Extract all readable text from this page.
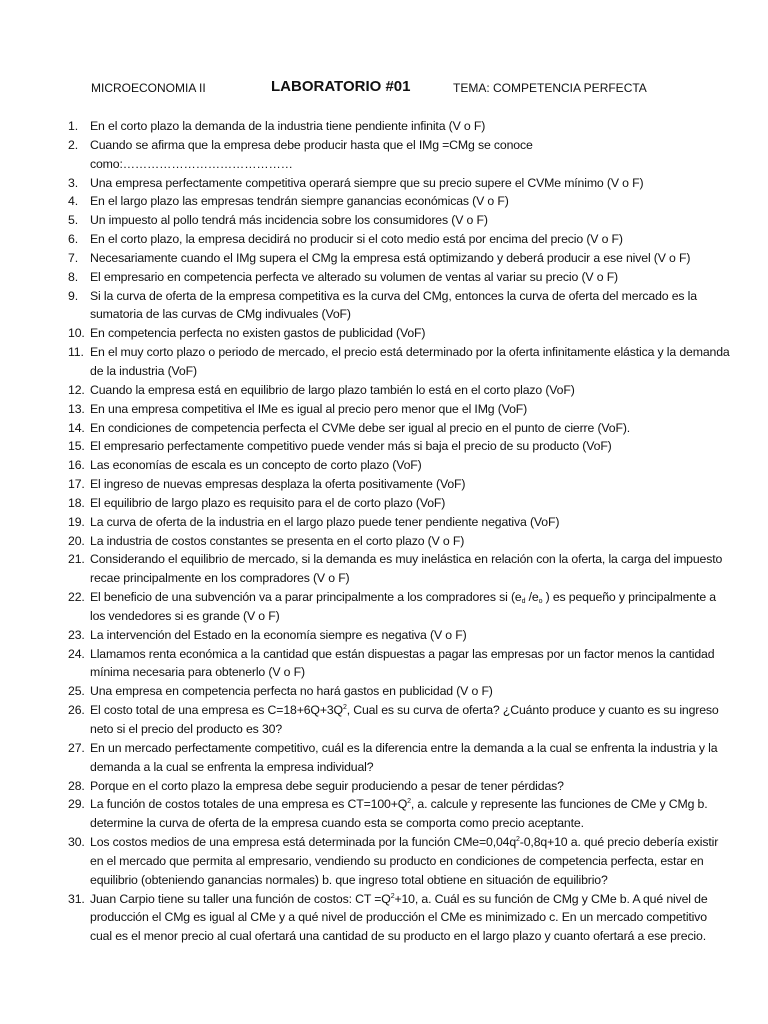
MICROECONOMIA II	LABORATORIO #01	TEMA: COMPETENCIA PERFECTA
1. En el corto plazo la demanda de la industria tiene pendiente infinita (V o F)
2. Cuando se afirma que la empresa debe producir hasta que el IMg =CMg se conoce como:……………………………………
3. Una empresa perfectamente competitiva operará siempre que su precio supere el CVMe mínimo (V o F)
4. En el largo plazo las empresas tendrán siempre ganancias económicas (V o F)
5. Un impuesto al pollo tendrá más incidencia sobre los consumidores (V o F)
6. En el corto plazo, la empresa decidirá no producir si el coto medio está por encima del precio (V o F)
7. Necesariamente cuando el IMg supera el CMg la empresa está optimizando y deberá producir a ese nivel (V o F)
8. El empresario en competencia perfecta ve alterado su volumen de ventas al variar su precio (V o F)
9. Si la curva de oferta de la empresa competitiva es la curva del CMg, entonces la curva de oferta del mercado es la sumatoria de las curvas de CMg indivuales (VoF)
10. En competencia perfecta no existen gastos de publicidad (VoF)
11. En el muy corto plazo o periodo de mercado, el precio está determinado por la oferta infinitamente elástica y la demanda de la industria (VoF)
12. Cuando la empresa está en equilibrio de largo plazo también lo está en el corto plazo (VoF)
13. En una empresa competitiva el IMe es igual al precio pero menor que el IMg (VoF)
14. En condiciones de competencia perfecta el CVMe debe ser igual al precio en el punto de cierre (VoF).
15. El empresario perfectamente competitivo puede vender más si baja el precio de su producto (VoF)
16. Las economías de escala es un concepto de corto plazo (VoF)
17. El ingreso de nuevas empresas desplaza la oferta positivamente (VoF)
18. El equilibrio de largo plazo es requisito para el de corto plazo (VoF)
19. La curva de oferta de la industria en el largo plazo puede tener pendiente negativa (VoF)
20. La industria de costos constantes se presenta en el corto plazo (V o F)
21. Considerando el equilibrio de mercado, si la demanda es muy inelástica en relación con la oferta, la carga del impuesto recae principalmente en los compradores (V o F)
22. El beneficio de una subvención va a parar principalmente a los compradores si ($e_d$ $/e_o$ ) es pequeño y principalmente a los vendedores si es grande (V o F)
23. La intervención del Estado en la economía siempre es negativa (V o F)
24. Llamamos renta económica a la cantidad que están dispuestas a pagar las empresas por un factor menos la cantidad mínima necesaria para obtenerlo (V o F)
25. Una empresa en competencia perfecta no hará gastos en publicidad (V o F)
26. El costo total de una empresa es $C=18+6Q+3Q^2$, Cual es su curva de oferta? ¿Cuánto produce y cuanto es su ingreso neto si el precio del producto es 30?
27. En un mercado perfectamente competitivo, cuál es la diferencia entre la demanda a la cual se enfrenta la industria y la demanda a la cual se enfrenta la empresa individual?
28. Porque en el corto plazo la empresa debe seguir produciendo a pesar de tener pérdidas?
29. La función de costos totales de una empresa es $CT=100+Q^2$, a. calcule y represente las funciones de CMe y CMg b. determine la curva de oferta de la empresa cuando esta se comporta como precio aceptante.
30. Los costos medios de una empresa está determinada por la función $CMe=0,04q^2-0,8q+10$ a. qué precio debería existir en el mercado que permita al empresario, vendiendo su producto en condiciones de competencia perfecta, estar en equilibrio (obteniendo ganancias normales) b. que ingreso total obtiene en situación de equilibrio?
31. Juan Carpio tiene su taller una función de costos: CT $=Q^2+10$, a. Cuál es su función de CMg y CMe b. A qué nivel de producción el CMg es igual al CMe y a qué nivel de producción el CMe es minimizado c. En un mercado competitivo cual es el menor precio al cual ofertará una cantidad de su producto en el largo plazo y cuanto ofertará a ese precio.
